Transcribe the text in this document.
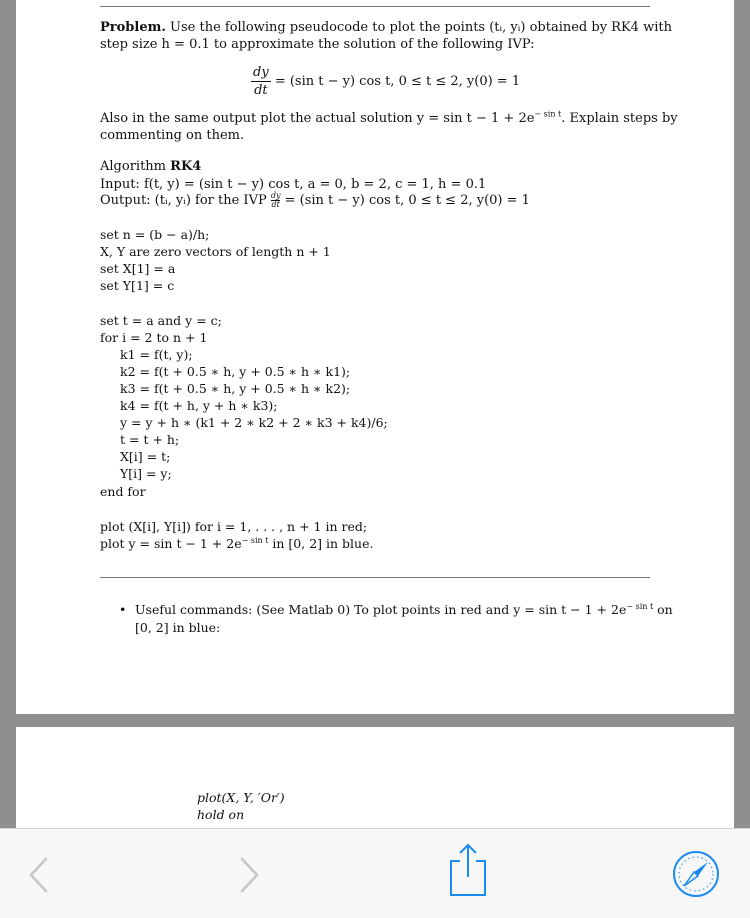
Problem. Use the following pseudocode to plot the points (tᵢ, yᵢ) obtained by RK4 with
step size h = 0.1 to approximate the solution of the following IVP:
$\frac{dy}{dt} = (\sin$ t − y) cos t, 0 ≤ t ≤ 2, y(0) = 1
Also in the same output plot the actual solution $y = \sin t - 1 + 2e^{- sin t}$. Explain steps by
commenting on them.
Algorithm RK4
Input: f(t, y) = (sin t − y) cos t, a = 0, b = 2, c = 1, h = 0.1
Output: (tᵢ, yᵢ) for the IVP $\frac{dy}{dt} = (\sin$ t − y) cos t, 0 ≤ t ≤ 2, y(0) = 1
set n = (b − a)/h;
X, Y are zero vectors of length n + 1
set X[1] = a
set Y[1] = c
set t = a and y = c;
for i = 2 to n + 1
k1 = f(t, y);
k2 = f(t + 0.5 ∗ h, y + 0.5 ∗ h ∗ k1);
k3 = f(t + 0.5 ∗ h, y + 0.5 ∗ h ∗ k2);
k4 = f(t + h, y + h ∗ k3);
y = y + h ∗ (k1 + 2 ∗ k2 + 2 ∗ k3 + k4)/6;
t = t + h;
X[i] = t;
Y[i] = y;
end for
plot (X[i], Y[i]) for i = 1, . . . , n + 1 in red;
plot $y = \sin t - 1 + 2e^{- sin t}$ in [0, 2] in blue.
• Useful commands: (See Matlab 0) To plot points in red and $y = \sin t - 1 + 2e^{- sin t}$ on
[0, 2] in blue:
plot(X, Y, ′Or′)
hold on
